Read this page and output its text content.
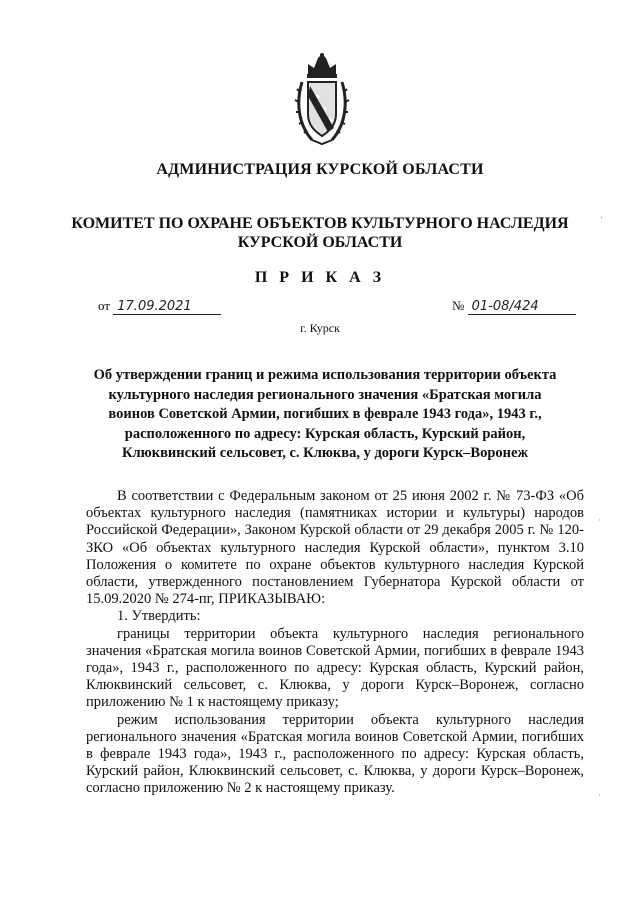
АДМИНИСТРАЦИЯ КУРСКОЙ ОБЛАСТИ
КОМИТЕТ ПО ОХРАНЕ ОБЪЕКТОВ КУЛЬТУРНОГО НАСЛЕДИЯ
КУРСКОЙ ОБЛАСТИ
П Р И К А З
от 17.09.2021	№ 01-08/424
г. Курск
Об утверждении границ и режима использования территории объекта культурного наследия регионального значения «Братская могила воинов Советской Армии, погибших в феврале 1943 года», 1943 г., расположенного по адресу: Курская область, Курский район, Клюквинский сельсовет, с. Клюква, у дороги Курск–Воронеж

В соответствии с Федеральным законом от 25 июня 2002 г. № 73-ФЗ «Об объектах культурного наследия (памятниках истории и культуры) народов Российской Федерации», Законом Курской области от 29 декабря 2005 г. № 120-ЗКО «Об объектах культурного наследия Курской области», пунктом 3.10 Положения о комитете по охране объектов культурного наследия Курской области, утвержденного постановлением Губернатора Курской области от 15.09.2020 № 274-пг, ПРИКАЗЫВАЮ:

1. Утвердить:

границы территории объекта культурного наследия регионального значения «Братская могила воинов Советской Армии, погибших в феврале 1943 года», 1943 г., расположенного по адресу: Курская область, Курский район, Клюквинский сельсовет, с. Клюква, у дороги Курск–Воронеж, согласно приложению № 1 к настоящему приказу;

режим использования территории объекта культурного наследия регионального значения «Братская могила воинов Советской Армии, погибших в феврале 1943 года», 1943 г., расположенного по адресу: Курская область, Курский район, Клюквинский сельсовет, с. Клюква, у дороги Курск–Воронеж, согласно приложению № 2 к настоящему приказу.

’
·
·
